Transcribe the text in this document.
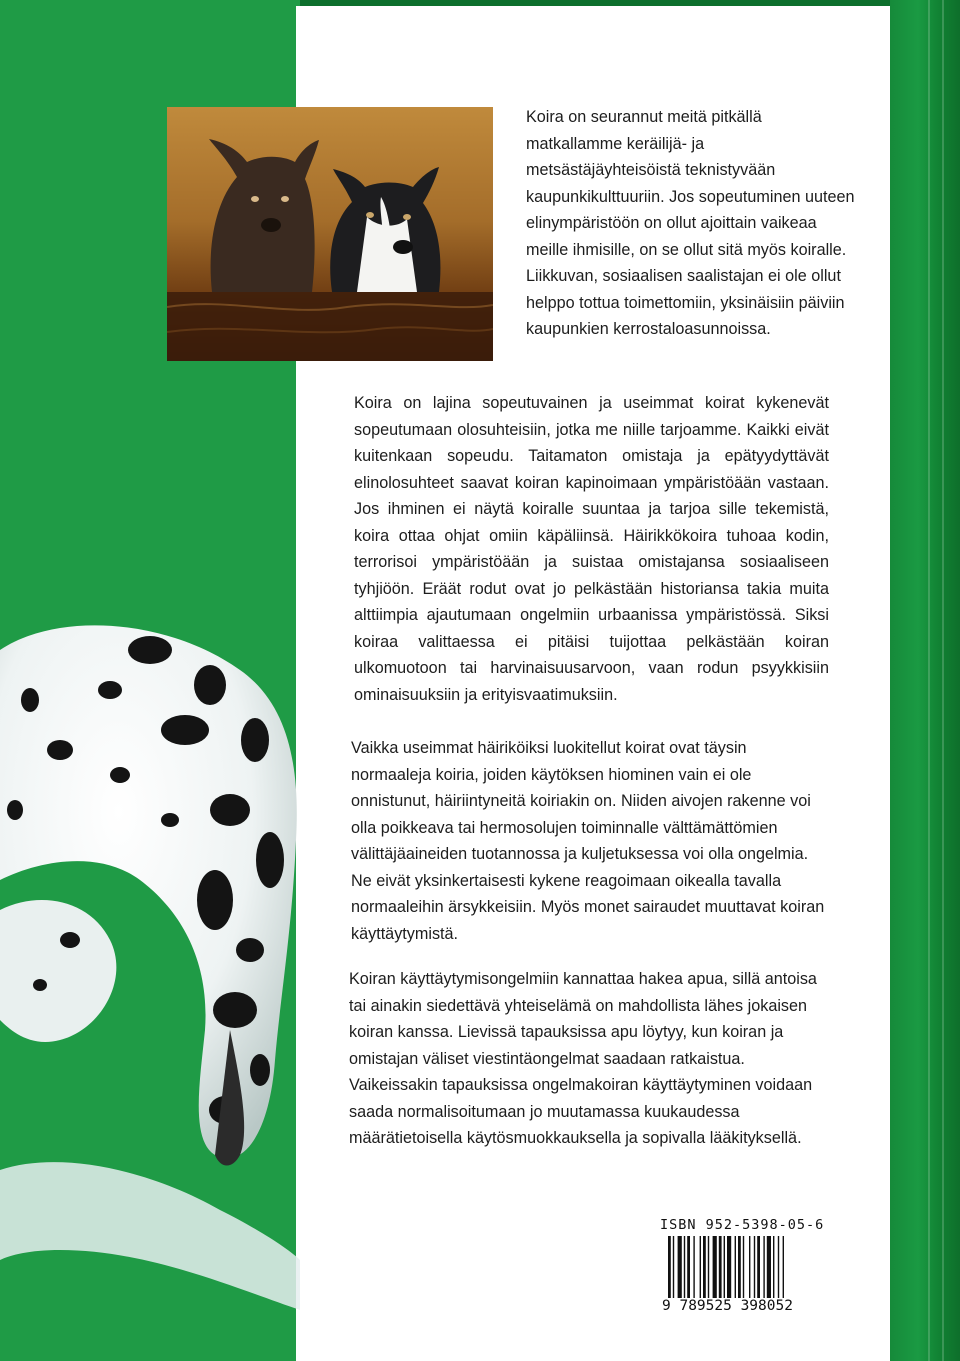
Koira on seurannut meitä pitkällä matkallamme keräilijä- ja metsästäjäyhteisöistä teknistyvään kaupunkikulttuuriin. Jos sopeutuminen uuteen elinympäristöön on ollut ajoittain vaikeaa meille ihmisille, on se ollut sitä myös koiralle. Liikkuvan, sosiaalisen saalistajan ei ole ollut helppo tottua toimettomiin, yksinäisiin päiviin kaupunkien kerrostaloasunnoissa.

Koira on lajina sopeutuvainen ja useimmat koirat kykenevät sopeutumaan olosuhteisiin, jotka me niille tarjoamme. Kaikki eivät kuitenkaan sopeudu. Taitamaton omistaja ja epätyydyttävät elinolosuhteet saavat koiran kapinoimaan ympäristöään vastaan. Jos ihminen ei näytä koiralle suuntaa ja tarjoa sille tekemistä, koira ottaa ohjat omiin käpäliinsä. Häirikkökoira tuhoaa kodin, terrorisoi ympäristöään ja suistaa omistajansa sosiaaliseen tyhjiöön. Eräät rodut ovat jo pelkästään historiansa takia muita alttiimpia ajautumaan ongelmiin urbaanissa ympäristössä. Siksi koiraa valittaessa ei pitäisi tuijottaa pelkästään koiran ulkomuotoon tai harvinaisuusarvoon, vaan rodun psyykkisiin ominaisuuksiin ja erityisvaatimuksiin.

Vaikka useimmat häiriköiksi luokitellut koirat ovat täysin normaaleja koiria, joiden käytöksen hiominen vain ei ole onnistunut, häiriintyneitä koiriakin on. Niiden aivojen rakenne voi olla poikkeava tai hermosolujen toiminnalle välttämättömien välittäjäaineiden tuotannossa ja kuljetuksessa voi olla ongelmia. Ne eivät yksinkertaisesti kykene reagoimaan oikealla tavalla normaaleihin ärsykkeisiin. Myös monet sairaudet muuttavat koiran käyttäytymistä.

Koiran käyttäytymisongelmiin kannattaa hakea apua, sillä antoisa tai ainakin siedettävä yhteiselämä on mahdollista lähes jokaisen koiran kanssa. Lievissä tapauksissa apu löytyy, kun koiran ja omistajan väliset viestintäongelmat saadaan ratkaistua. Vaikeissakin tapauksissa ongelmakoiran käyttäytyminen voidaan saada normalisoitumaan jo muutamassa kuukaudessa määrätietoisella käytösmuokkauksella ja sopivalla lääkityksellä.

ISBN 952-5398-05-6
9 789525 398052
